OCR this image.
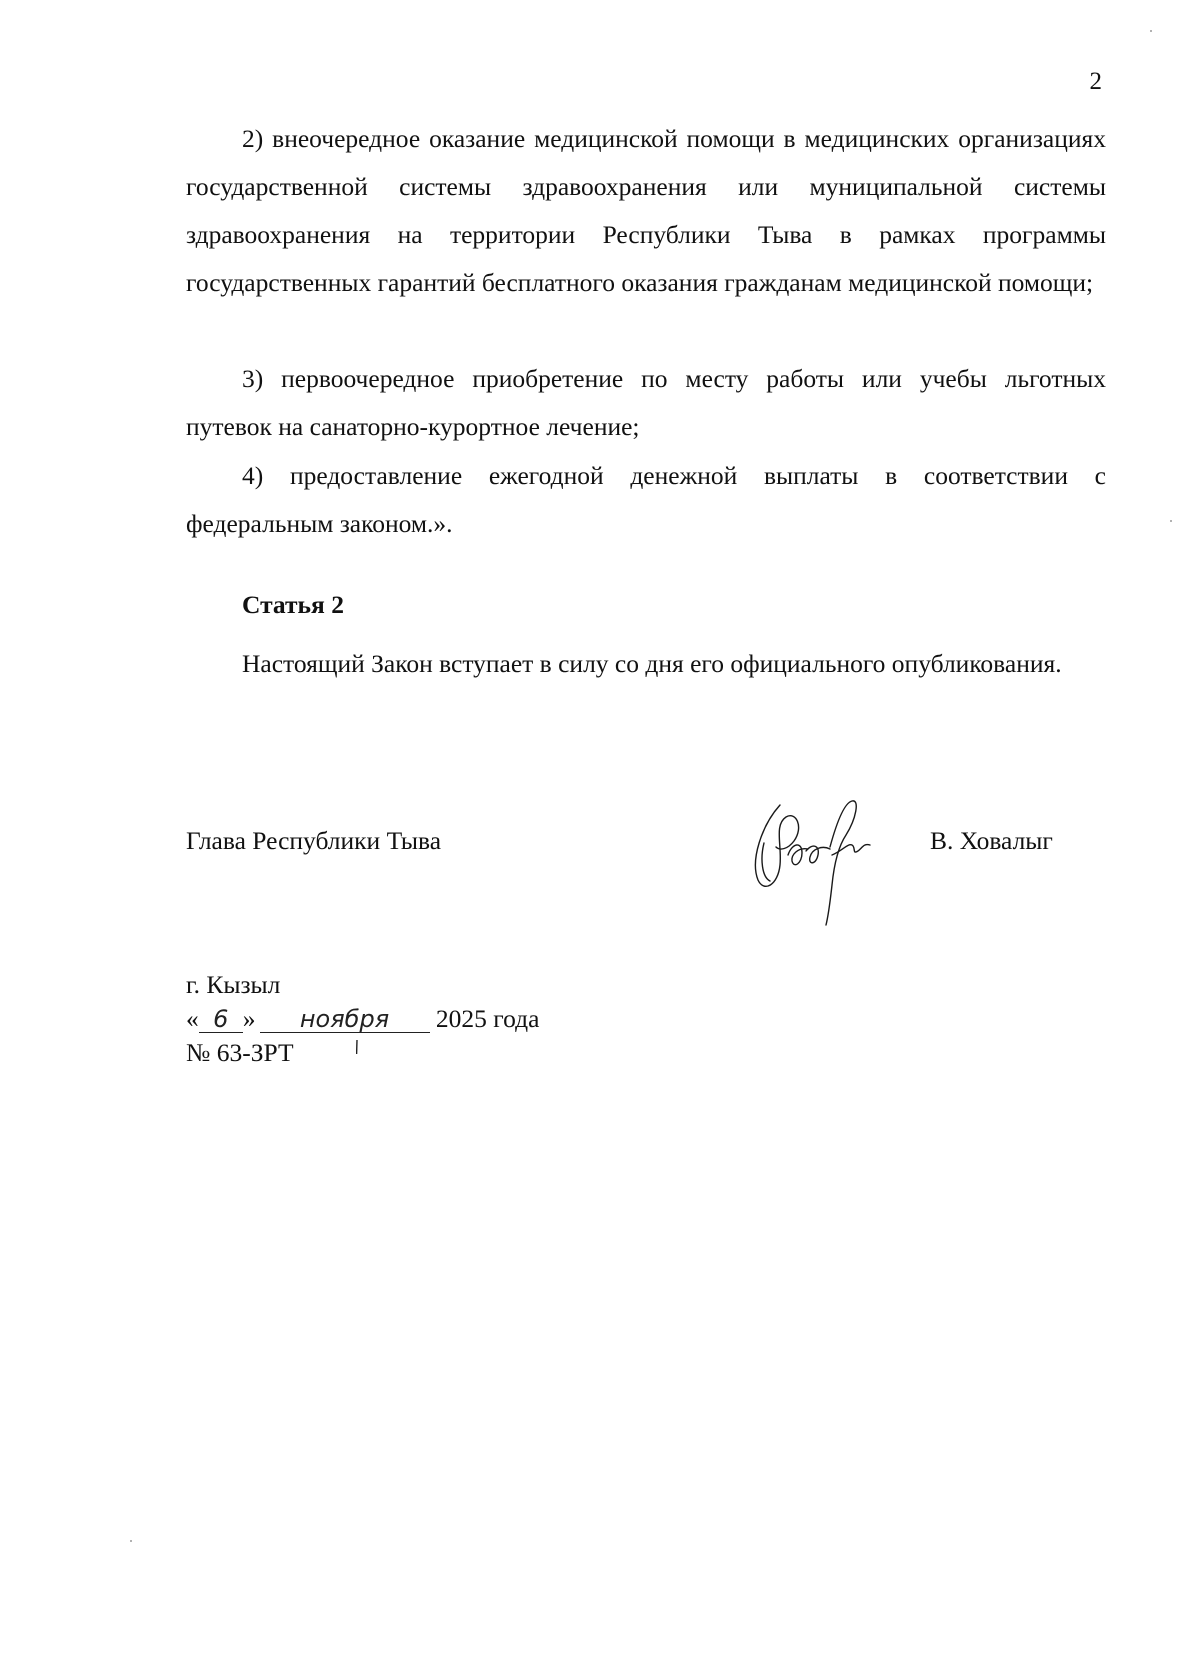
2

2) внеочередное оказание медицинской помощи в медицинских организациях государственной системы здравоохранения или муниципальной системы здравоохранения на территории Республики Тыва в рамках программы государственных гарантий бесплатного оказания гражданам медицинской помощи;

3) первоочередное приобретение по месту работы или учебы льготных путевок на санаторно-курортное лечение;

4) предоставление ежегодной денежной выплаты в соответствии с федеральным законом.».

Статья 2

Настоящий Закон вступает в силу со дня его официального опубликования.

Глава Республики Тыва	В. Ховалыг

г. Кызыл

« 6 » ноября 2025 года

№ 63-ЗРТ
